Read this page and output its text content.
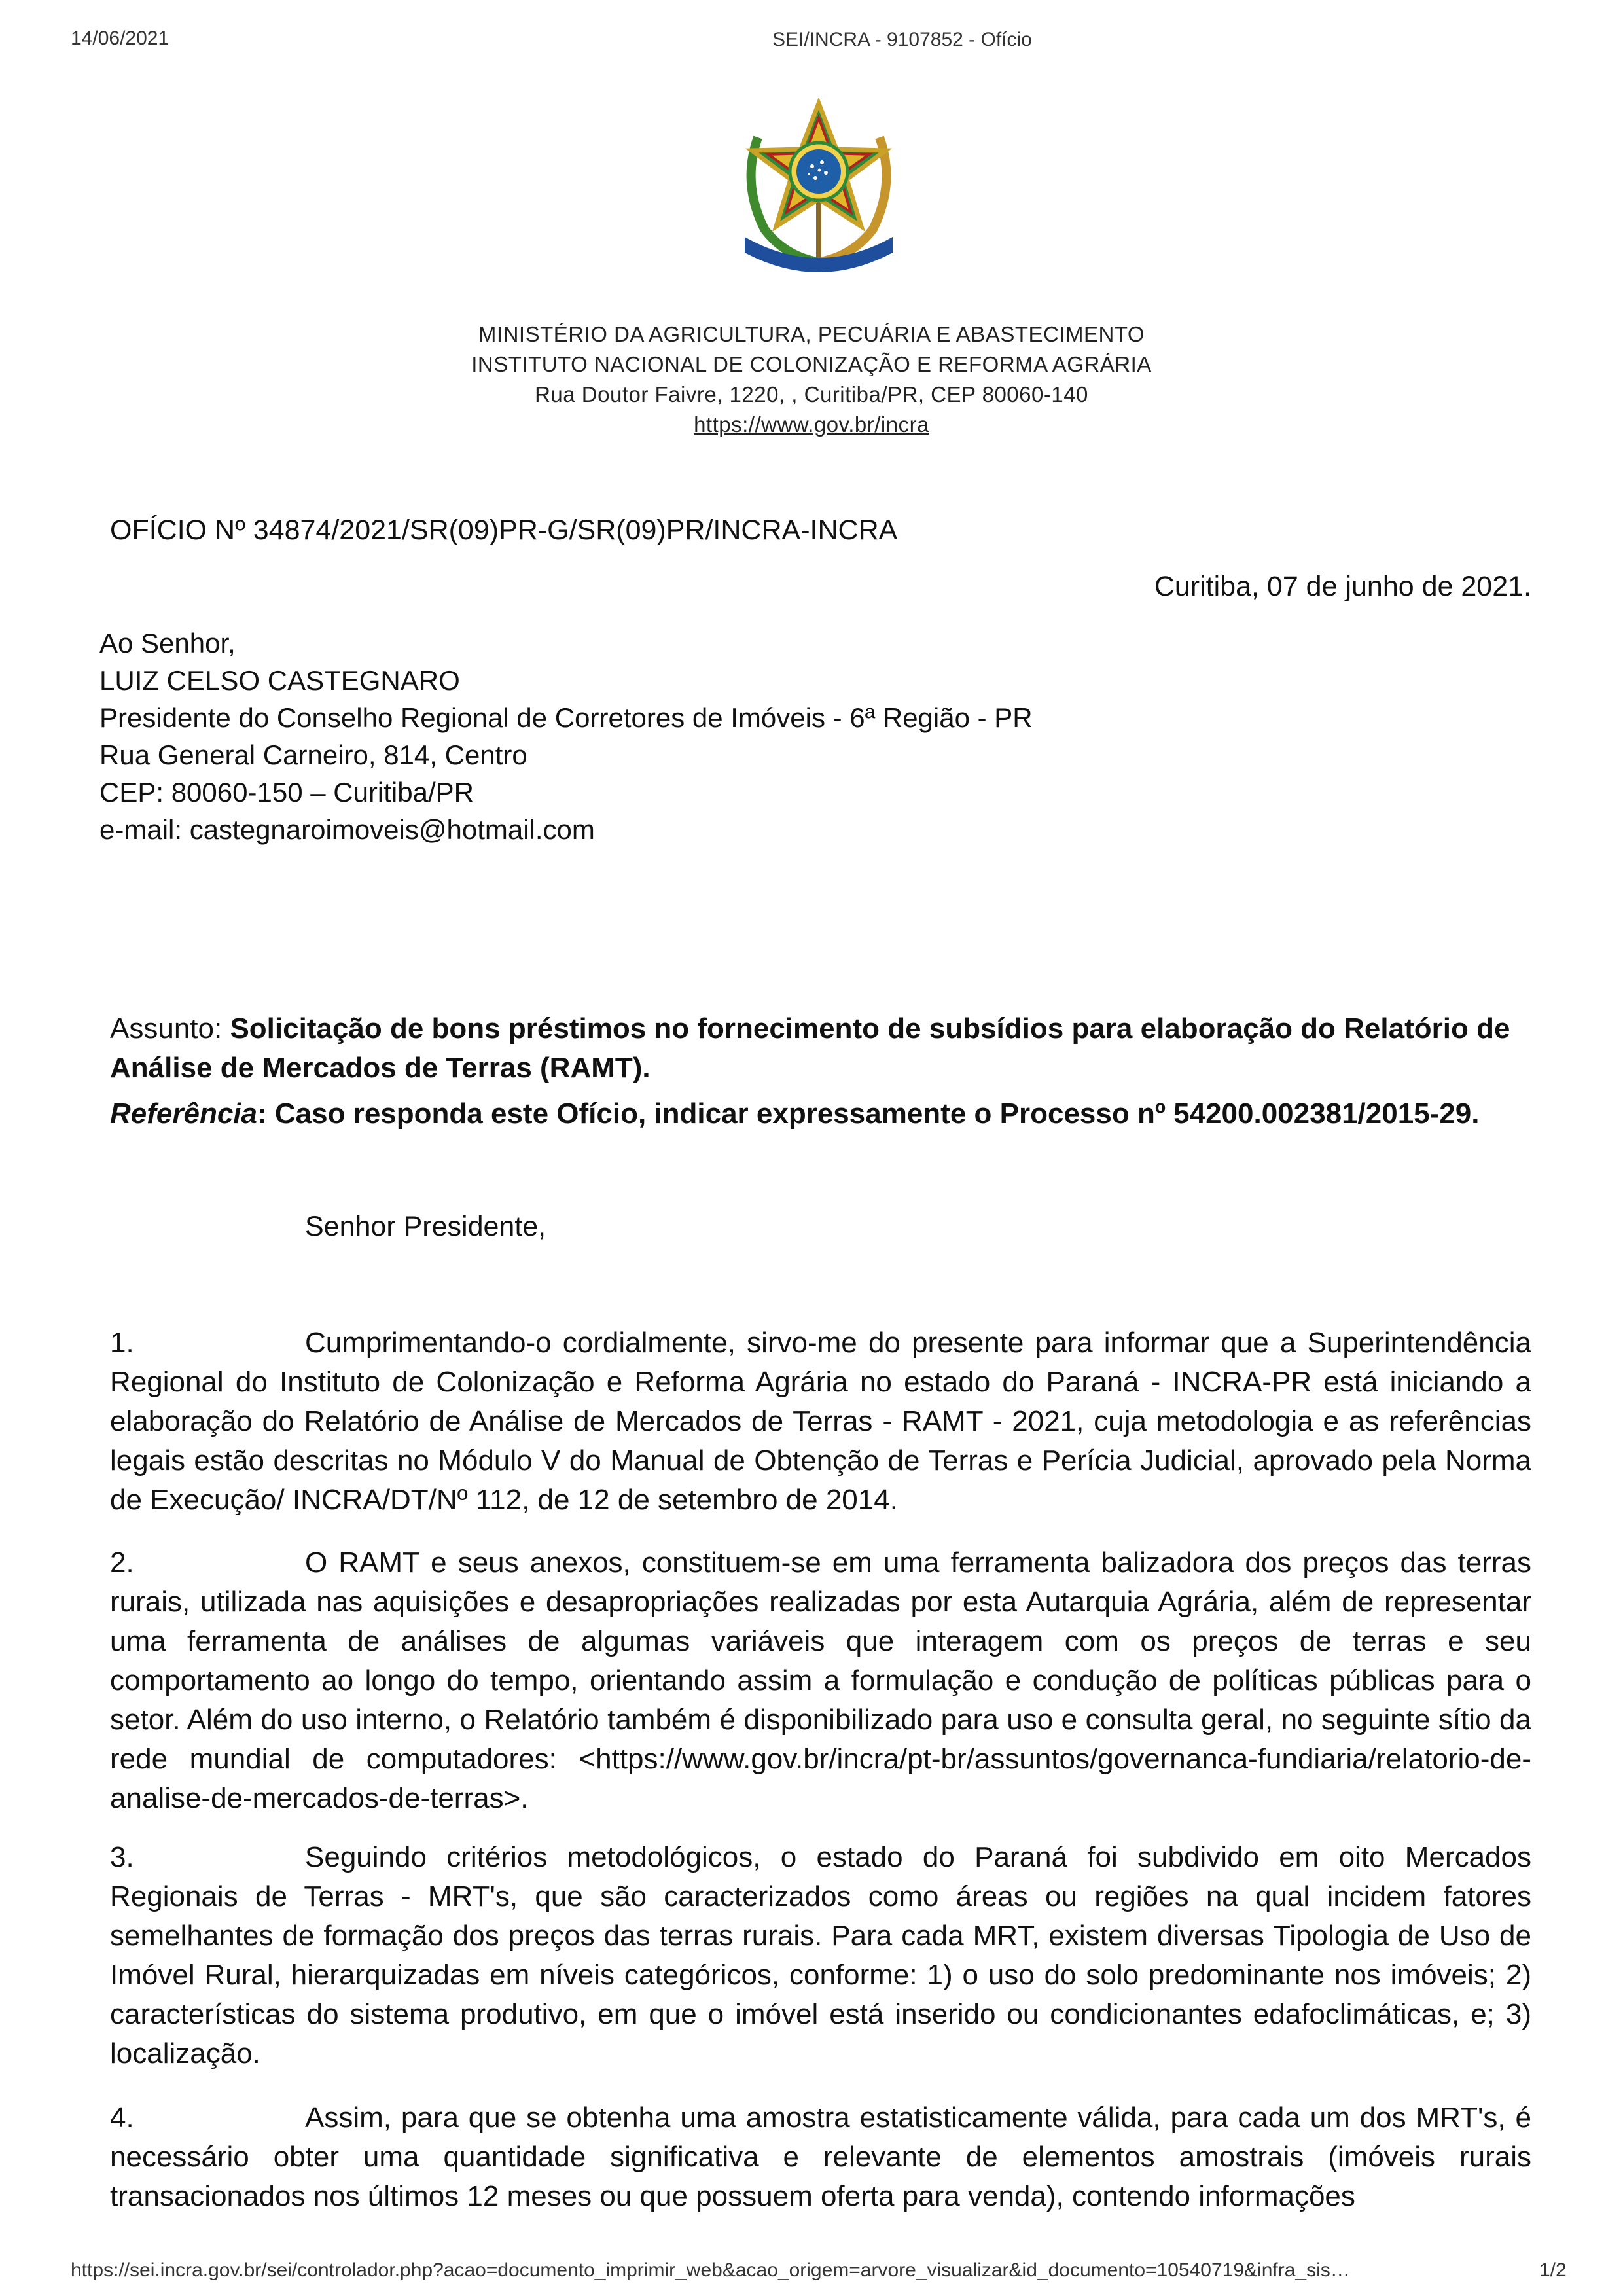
14/06/2021	SEI/INCRA - 9107852 - Ofício
MINISTÉRIO DA AGRICULTURA, PECUÁRIA E ABASTECIMENTO
INSTITUTO NACIONAL DE COLONIZAÇÃO E REFORMA AGRÁRIA
Rua Doutor Faivre, 1220, , Curitiba/PR, CEP 80060-140
https://www.gov.br/incra
OFÍCIO Nº 34874/2021/SR(09)PR-G/SR(09)PR/INCRA-INCRA
Curitiba, 07 de junho de 2021.
Ao Senhor,
LUIZ CELSO CASTEGNARO
Presidente do Conselho Regional de Corretores de Imóveis - 6ª Região - PR
Rua General Carneiro, 814, Centro
CEP: 80060-150 – Curitiba/PR
e-mail: castegnaroimoveis@hotmail.com
Assunto: Solicitação de bons préstimos no fornecimento de subsídios para elaboração do Relatório de Análise de Mercados de Terras (RAMT).
Referência: Caso responda este Ofício, indicar expressamente o Processo nº 54200.002381/2015-29.
Senhor Presidente,
1.	Cumprimentando-o cordialmente, sirvo-me do presente para informar que a Superintendência Regional do Instituto de Colonização e Reforma Agrária no estado do Paraná - INCRA-PR está iniciando a elaboração do Relatório de Análise de Mercados de Terras - RAMT - 2021, cuja metodologia e as referências legais estão descritas no Módulo V do Manual de Obtenção de Terras e Perícia Judicial, aprovado pela Norma de Execução/ INCRA/DT/Nº 112, de 12 de setembro de 2014.
2.	O RAMT e seus anexos, constituem-se em uma ferramenta balizadora dos preços das terras rurais, utilizada nas aquisições e desapropriações realizadas por esta Autarquia Agrária, além de representar uma ferramenta de análises de algumas variáveis que interagem com os preços de terras e seu comportamento ao longo do tempo, orientando assim a formulação e condução de políticas públicas para o setor. Além do uso interno, o Relatório também é disponibilizado para uso e consulta geral, no seguinte sítio da rede mundial de computadores: <https://www.gov.br/incra/pt-br/assuntos/governanca-fundiaria/relatorio-de-analise-de-mercados-de-terras>.
3.	Seguindo critérios metodológicos, o estado do Paraná foi subdivido em oito Mercados Regionais de Terras - MRT's, que são caracterizados como áreas ou regiões na qual incidem fatores semelhantes de formação dos preços das terras rurais. Para cada MRT, existem diversas Tipologia de Uso de Imóvel Rural, hierarquizadas em níveis categóricos, conforme: 1) o uso do solo predominante nos imóveis; 2) características do sistema produtivo, em que o imóvel está inserido ou condicionantes edafoclimáticas, e; 3) localização.
4.	Assim, para que se obtenha uma amostra estatisticamente válida, para cada um dos MRT's, é necessário obter uma quantidade significativa e relevante de elementos amostrais (imóveis rurais transacionados nos últimos 12 meses ou que possuem oferta para venda), contendo informações
https://sei.incra.gov.br/sei/controlador.php?acao=documento_imprimir_web&acao_origem=arvore_visualizar&id_documento=10540719&infra_sis…	1/2
